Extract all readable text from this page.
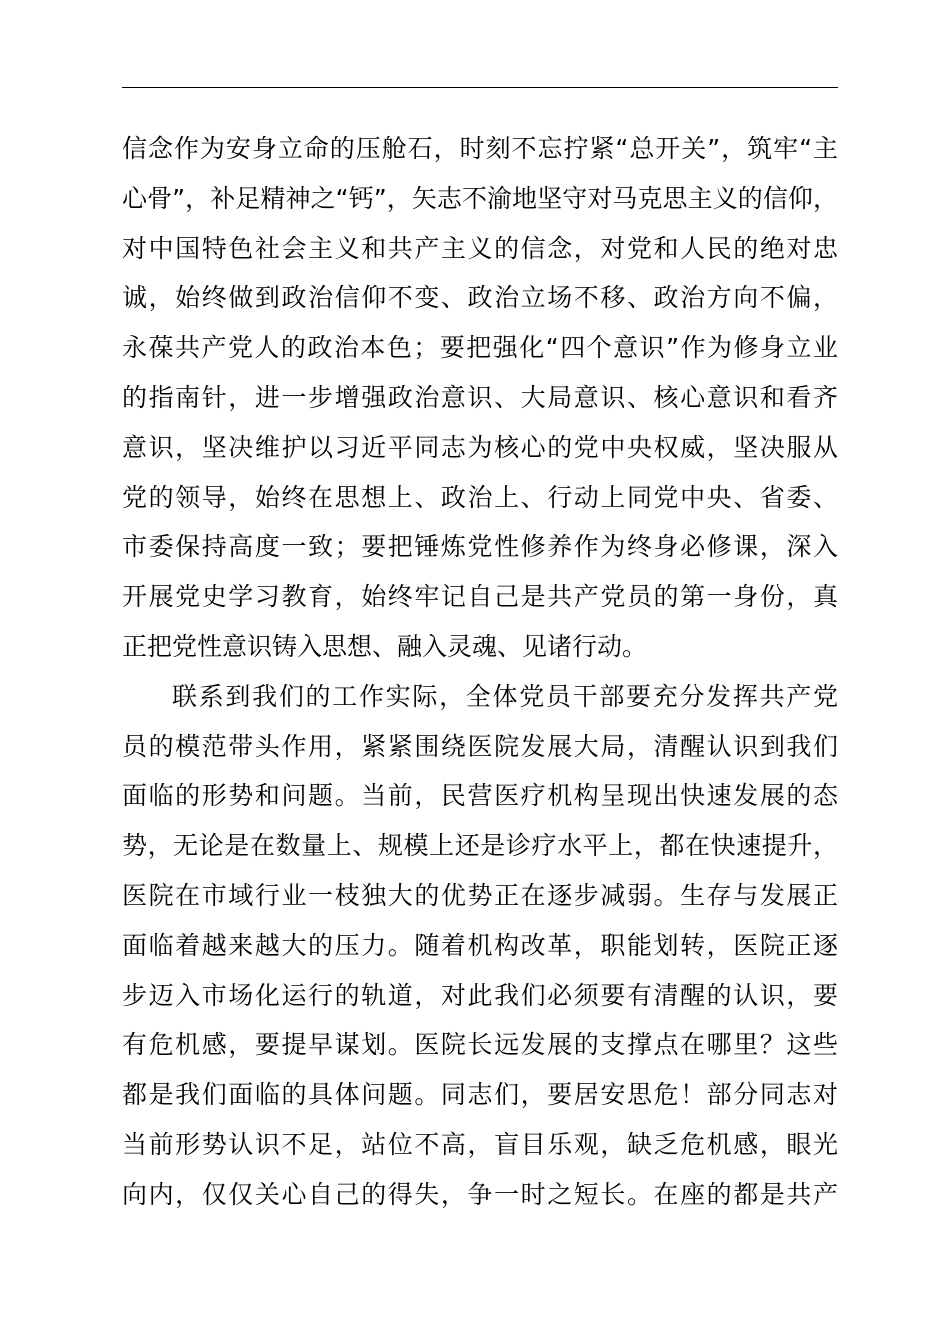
信念作为安身立命的压舱石，时刻不忘拧紧“总开关”，筑牢“主
心骨”，补足精神之“钙”，矢志不渝地坚守对马克思主义的信仰，
对中国特色社会主义和共产主义的信念，对党和人民的绝对忠
诚，始终做到政治信仰不变、政治立场不移、政治方向不偏，
永葆共产党人的政治本色；要把强化“四个意识”作为修身立业
的指南针，进一步增强政治意识、大局意识、核心意识和看齐
意识，坚决维护以习近平同志为核心的党中央权威，坚决服从
党的领导，始终在思想上、政治上、行动上同党中央、省委、
市委保持高度一致；要把锤炼党性修养作为终身必修课，深入
开展党史学习教育，始终牢记自己是共产党员的第一身份，真
正把党性意识铸入思想、融入灵魂、见诸行动。
联系到我们的工作实际，全体党员干部要充分发挥共产党
员的模范带头作用，紧紧围绕医院发展大局，清醒认识到我们
面临的形势和问题。当前，民营医疗机构呈现出快速发展的态
势，无论是在数量上、规模上还是诊疗水平上，都在快速提升，
医院在市域行业一枝独大的优势正在逐步减弱。生存与发展正
面临着越来越大的压力。随着机构改革，职能划转，医院正逐
步迈入市场化运行的轨道，对此我们必须要有清醒的认识，要
有危机感，要提早谋划。医院长远发展的支撑点在哪里？这些
都是我们面临的具体问题。同志们，要居安思危！部分同志对
当前形势认识不足，站位不高，盲目乐观，缺乏危机感，眼光
向内，仅仅关心自己的得失，争一时之短长。在座的都是共产
